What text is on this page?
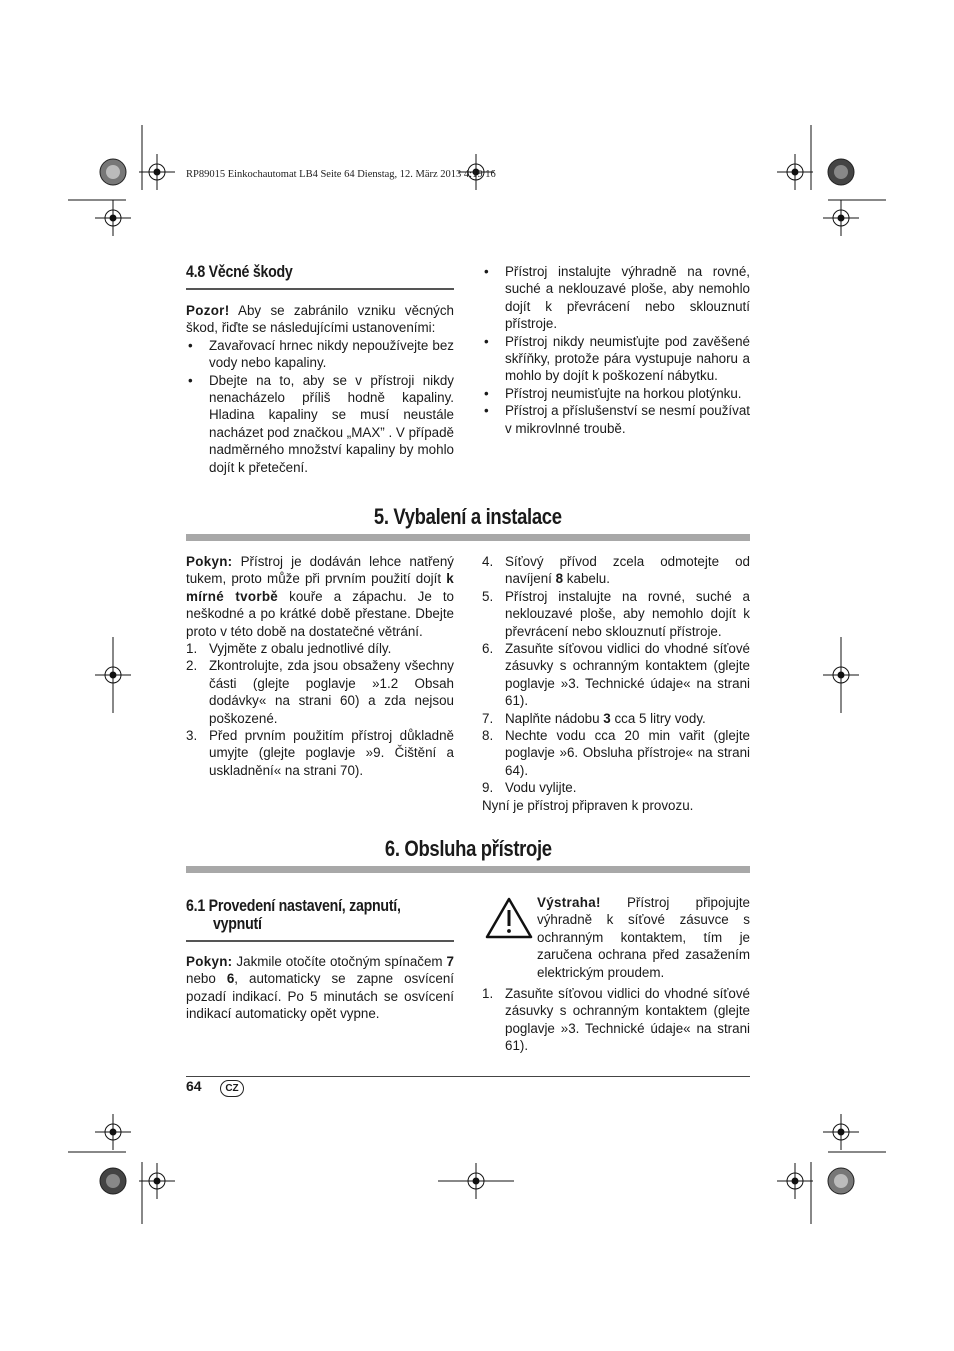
RP89015 Einkochautomat LB4 Seite 64 Dienstag, 12. März 2013 4:19 16
4.8 Věcné škody

Pozor! Aby se zabránilo vzniku věcných škod, řiďte se následujícími ustanoveními:

• Zavařovací hrnec nikdy nepoužívejte bez vody nebo kapaliny.
• Dbejte na to, aby se v přístroji nikdy nenacházelo příliš hodně kapaliny. Hladina kapaliny se musí neustále nacházet pod značkou „MAX” . V případě nadměrného množství kapaliny by mohlo dojít k přetečení.
• Přístroj instalujte výhradně na rovné, suché a neklouzavé ploše, aby nemohlo dojít k převrácení nebo sklouznutí přístroje.
• Přístroj nikdy neumisťujte pod zavěšené skříňky, protože pára vystupuje nahoru a mohlo by dojít k poškození nábytku.
• Přístroj neumisťujte na horkou plotýnku.
• Přístroj a příslušenství se nesmí používat v mikrovlnné troubě.
5. Vybalení a instalace

Pokyn: Přístroj je dodáván lehce natřený tukem, proto může při prvním použití dojít k mírné tvorbě kouře a zápachu. Je to neškodné a po krátké době přestane. Dbejte proto v této době na dostatečné větrání.

1. Vyjměte z obalu jednotlivé díly.
2. Zkontrolujte, zda jsou obsaženy všechny části (glejte poglavje »1.2 Obsah dodávky« na strani 60) a zda nejsou poškozené.
3. Před prvním použitím přístroj důkladně umyjte (glejte poglavje »9. Čištění a uskladnění« na strani 70).
4. Síťový přívod zcela odmotejte od navíjení 8 kabelu.
5. Přístroj instalujte na rovné, suché a neklouzavé ploše, aby nemohlo dojít k převrácení nebo sklouznutí přístroje.
6. Zasuňte síťovou vidlici do vhodné síťové zásuvky s ochranným kontaktem (glejte poglavje »3. Technické údaje« na strani 61).
7. Naplňte nádobu 3 cca 5 litry vody.
8. Nechte vodu cca 20 min vařit (glejte poglavje »6. Obsluha přístroje« na strani 64).
9. Vodu vylijte.

Nyní je přístroj připraven k provozu.

6. Obsluha přístroje
6.1 Provedení nastavení, zapnutí,
vypnutí

Pokyn: Jakmile otočíte otočným spínačem 7 nebo 6, automaticky se zapne osvícení pozadí indikací. Po 5 minutách se osvícení indikací automaticky opět vypne.

Výstraha! Přístroj připojujte výhradně k síťové zásuvce s ochranným kontaktem, tím je zaručena ochrana před zasažením elektrickým proudem.

1. Zasuňte síťovou vidlici do vhodné síťové zásuvky s ochranným kontaktem (glejte poglavje »3. Technické údaje« na strani 61).
64	CZ
